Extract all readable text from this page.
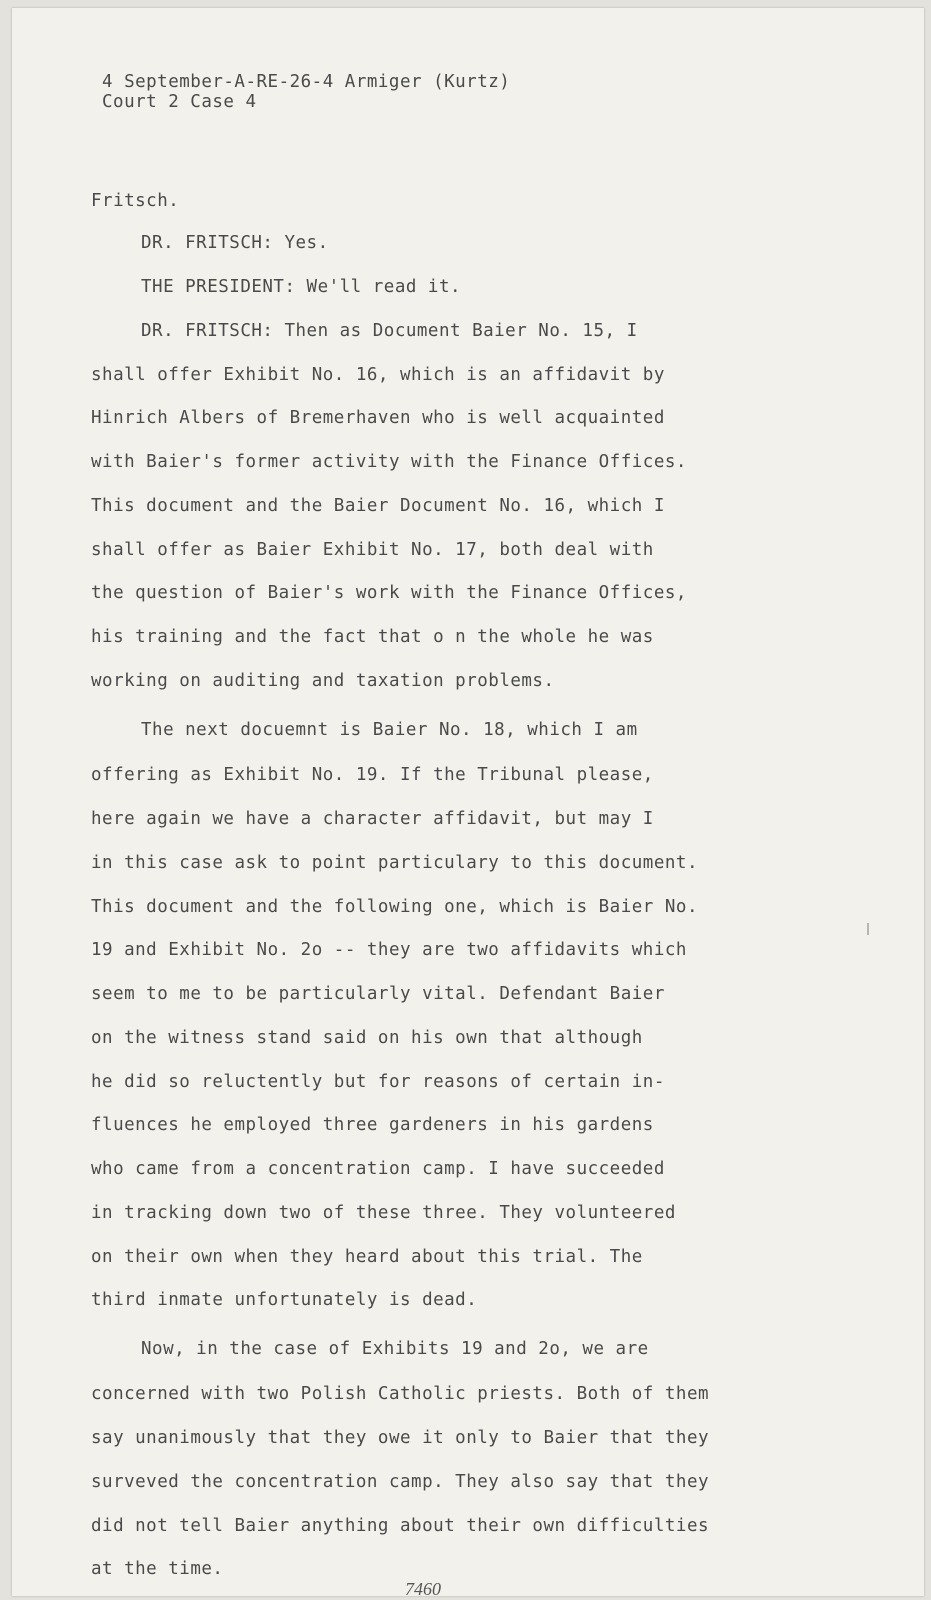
4 September-A-RE-26-4 Armiger (Kurtz)
Court 2 Case 4
Fritsch.
DR. FRITSCH: Yes.
THE PRESIDENT: We'll read it.
DR. FRITSCH: Then as Document Baier No. 15, I
shall offer Exhibit No. 16, which is an affidavit by
Hinrich Albers of Bremerhaven who is well acquainted
with Baier's former activity with the Finance Offices.
This document and the Baier Document No. 16, which I
shall offer as Baier Exhibit No. 17, both deal with
the question of Baier's work with the Finance Offices,
his training and the fact that o n the whole he was
working on auditing and taxation problems.
The next docuemnt is Baier No. 18, which I am
offering as Exhibit No. 19. If the Tribunal please,
here again we have a character affidavit, but may I
in this case ask to point particulary to this document.
This document and the following one, which is Baier No.
19 and Exhibit No. 2o -- they are two affidavits which
seem to me to be particularly vital. Defendant Baier
on the witness stand said on his own that although
he did so reluctently but for reasons of certain in-
fluences he employed three gardeners in his gardens
who came from a concentration camp. I have succeeded
in tracking down two of these three. They volunteered
on their own when they heard about this trial. The
third inmate unfortunately is dead.
Now, in the case of Exhibits 19 and 2o, we are
concerned with two Polish Catholic priests. Both of them
say unanimously that they owe it only to Baier that they
surveved the concentration camp. They also say that they
did not tell Baier anything about their own difficulties
at the time.
7460
